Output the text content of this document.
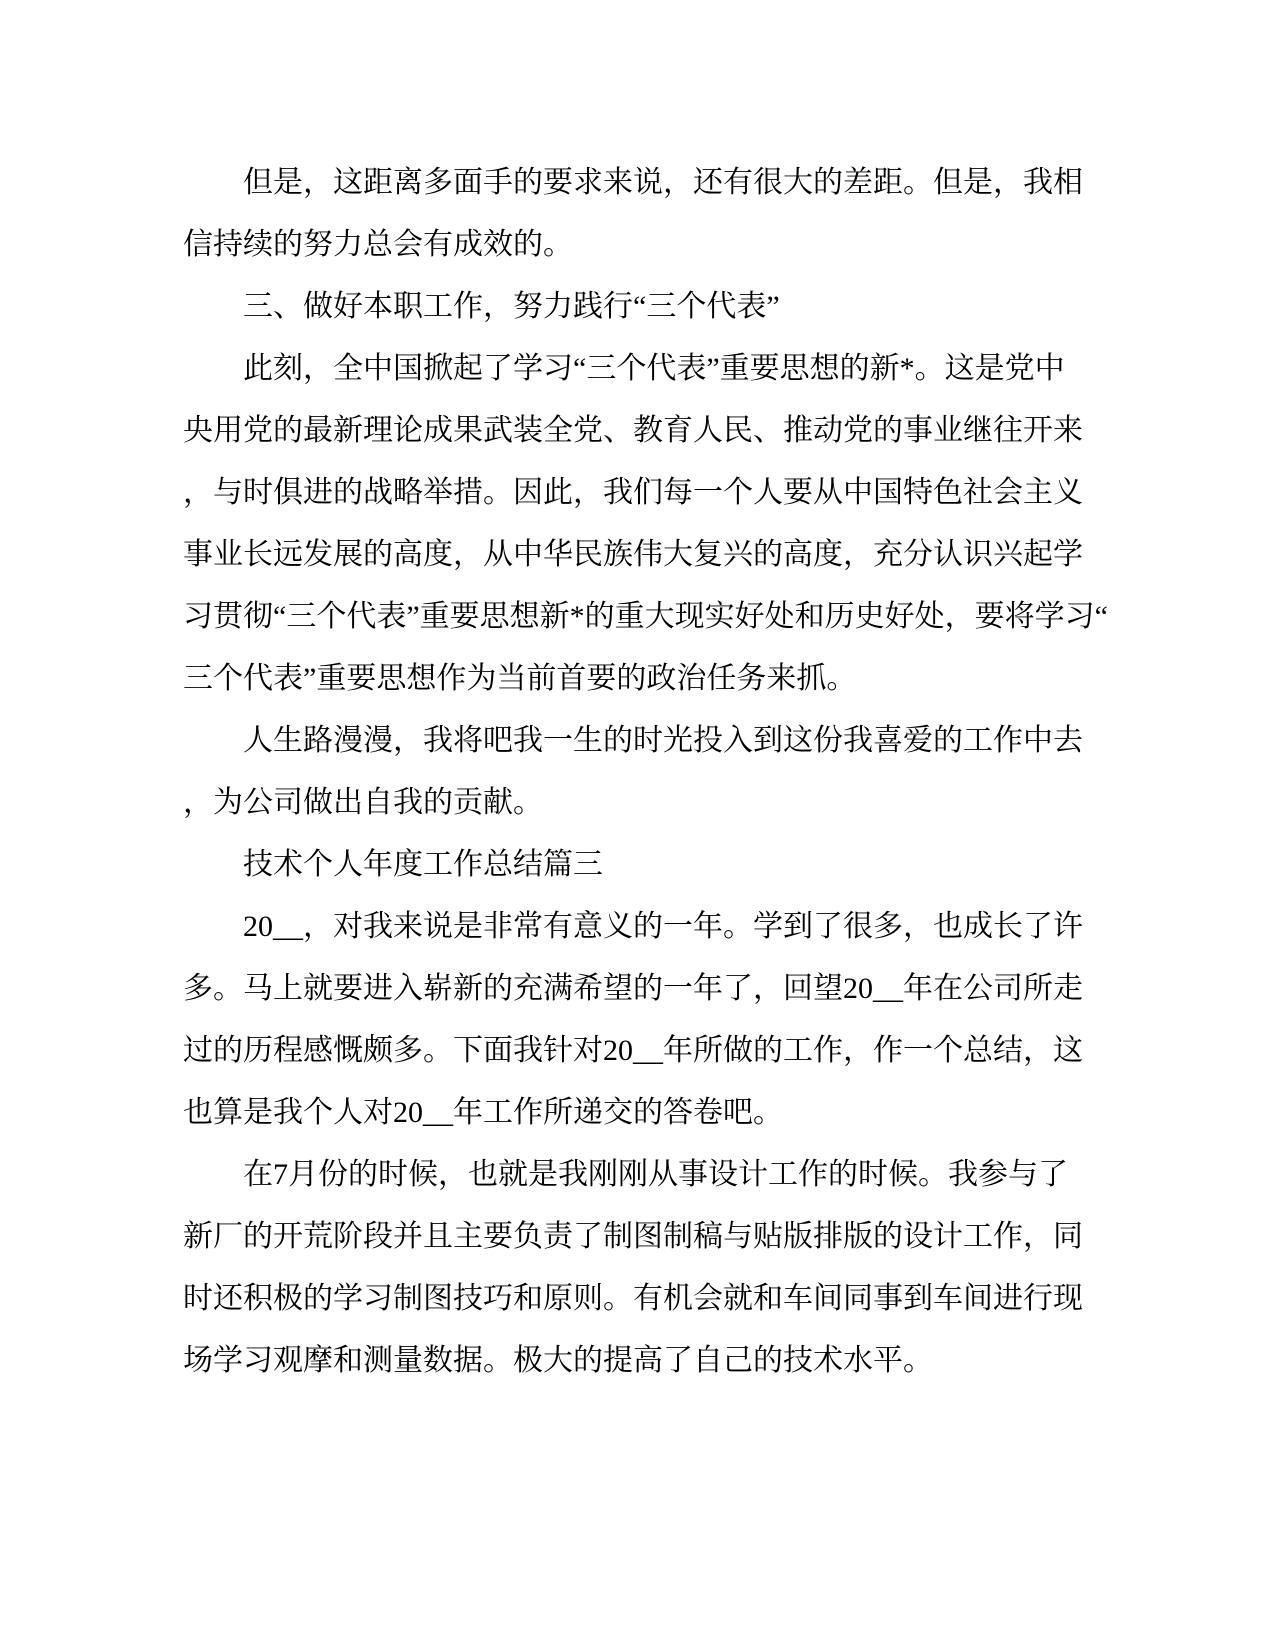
但是，这距离多面手的要求来说，还有很大的差距。但是，我相
信持续的努力总会有成效的。
三、做好本职工作，努力践行“三个代表”
此刻，全中国掀起了学习“三个代表”重要思想的新*。这是党中
央用党的最新理论成果武装全党、教育人民、推动党的事业继往开来
，与时俱进的战略举措。因此，我们每一个人要从中国特色社会主义
事业长远发展的高度，从中华民族伟大复兴的高度，充分认识兴起学
习贯彻“三个代表”重要思想新*的重大现实好处和历史好处，要将学习“
三个代表”重要思想作为当前首要的政治任务来抓。
人生路漫漫，我将吧我一生的时光投入到这份我喜爱的工作中去
，为公司做出自我的贡献。
技术个人年度工作总结篇三
20__，对我来说是非常有意义的一年。学到了很多，也成长了许
多。马上就要进入崭新的充满希望的一年了，回望20__年在公司所走
过的历程感慨颇多。下面我针对20__年所做的工作，作一个总结，这
也算是我个人对20__年工作所递交的答卷吧。
在7月份的时候，也就是我刚刚从事设计工作的时候。我参与了
新厂的开荒阶段并且主要负责了制图制稿与贴版排版的设计工作，同
时还积极的学习制图技巧和原则。有机会就和车间同事到车间进行现
场学习观摩和测量数据。极大的提高了自己的技术水平。
